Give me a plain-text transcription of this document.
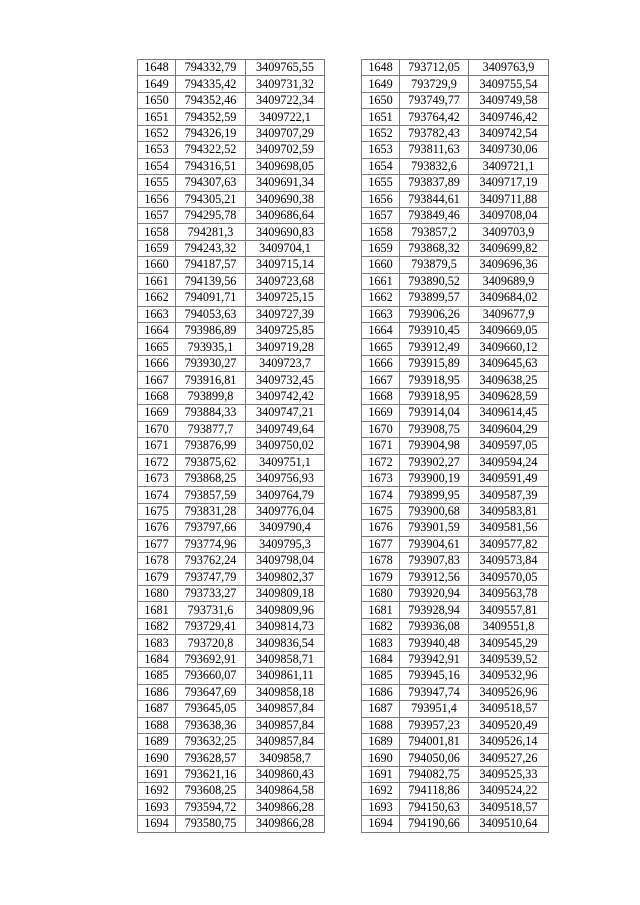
1648	794332,79	3409765,55
1649	794335,42	3409731,32
1650	794352,46	3409722,34
1651	794352,59	3409722,1
1652	794326,19	3409707,29
1653	794322,52	3409702,59
1654	794316,51	3409698,05
1655	794307,63	3409691,34
1656	794305,21	3409690,38
1657	794295,78	3409686,64
1658	794281,3	3409690,83
1659	794243,32	3409704,1
1660	794187,57	3409715,14
1661	794139,56	3409723,68
1662	794091,71	3409725,15
1663	794053,63	3409727,39
1664	793986,89	3409725,85
1665	793935,1	3409719,28
1666	793930,27	3409723,7
1667	793916,81	3409732,45
1668	793899,8	3409742,42
1669	793884,33	3409747,21
1670	793877,7	3409749,64
1671	793876,99	3409750,02
1672	793875,62	3409751,1
1673	793868,25	3409756,93
1674	793857,59	3409764,79
1675	793831,28	3409776,04
1676	793797,66	3409790,4
1677	793774,96	3409795,3
1678	793762,24	3409798,04
1679	793747,79	3409802,37
1680	793733,27	3409809,18
1681	793731,6	3409809,96
1682	793729,41	3409814,73
1683	793720,8	3409836,54
1684	793692,91	3409858,71
1685	793660,07	3409861,11
1686	793647,69	3409858,18
1687	793645,05	3409857,84
1688	793638,36	3409857,84
1689	793632,25	3409857,84
1690	793628,57	3409858,7
1691	793621,16	3409860,43
1692	793608,25	3409864,58
1693	793594,72	3409866,28
1694	793580,75	3409866,28
1648	793712,05	3409763,9
1649	793729,9	3409755,54
1650	793749,77	3409749,58
1651	793764,42	3409746,42
1652	793782,43	3409742,54
1653	793811,63	3409730,06
1654	793832,6	3409721,1
1655	793837,89	3409717,19
1656	793844,61	3409711,88
1657	793849,46	3409708,04
1658	793857,2	3409703,9
1659	793868,32	3409699,82
1660	793879,5	3409696,36
1661	793890,52	3409689,9
1662	793899,57	3409684,02
1663	793906,26	3409677,9
1664	793910,45	3409669,05
1665	793912,49	3409660,12
1666	793915,89	3409645,63
1667	793918,95	3409638,25
1668	793918,95	3409628,59
1669	793914,04	3409614,45
1670	793908,75	3409604,29
1671	793904,98	3409597,05
1672	793902,27	3409594,24
1673	793900,19	3409591,49
1674	793899,95	3409587,39
1675	793900,68	3409583,81
1676	793901,59	3409581,56
1677	793904,61	3409577,82
1678	793907,83	3409573,84
1679	793912,56	3409570,05
1680	793920,94	3409563,78
1681	793928,94	3409557,81
1682	793936,08	3409551,8
1683	793940,48	3409545,29
1684	793942,91	3409539,52
1685	793945,16	3409532,96
1686	793947,74	3409526,96
1687	793951,4	3409518,57
1688	793957,23	3409520,49
1689	794001,81	3409526,14
1690	794050,06	3409527,26
1691	794082,75	3409525,33
1692	794118,86	3409524,22
1693	794150,63	3409518,57
1694	794190,66	3409510,64
